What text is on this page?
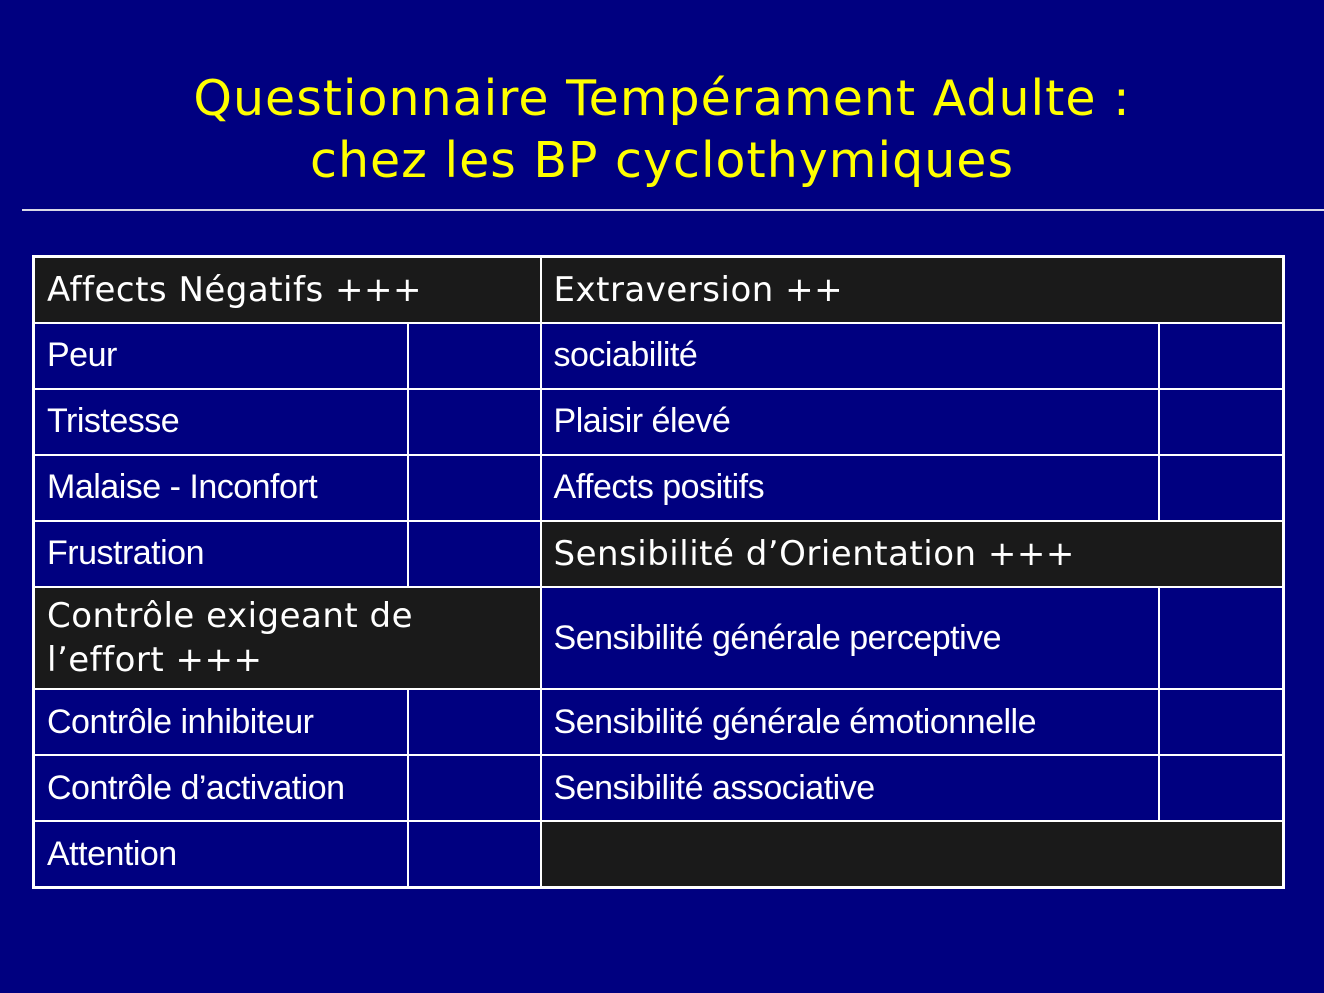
Questionnaire Tempérament Adulte :
chez les BP cyclothymiques
Affects Négatifs +++		Extraversion ++	
Peur		sociabilité	
Tristesse		Plaisir élevé	
Malaise - Inconfort		Affects positifs	
Frustration		Sensibilité d’Orientation +++	
Contrôle exigeant de l’effort +++		Sensibilité générale perceptive	
Contrôle inhibiteur		Sensibilité générale émotionnelle	
Contrôle d’activation		Sensibilité associative	
Attention			
